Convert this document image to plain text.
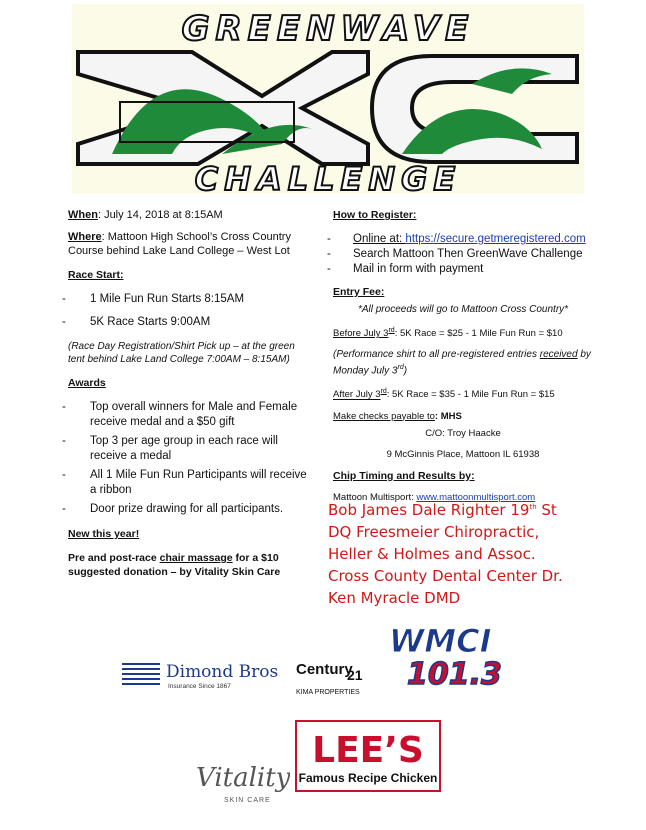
GREENWAVE
CHALLENGE
When: July 14, 2018 at 8:15AM
Where: Mattoon High School’s Cross Country Course behind Lake Land College – West Lot
Race Start:

- 1 Mile Fun Run Starts 8:15AM

- 5K Race Starts 9:00AM

(Race Day Registration/Shirt Pick up – at the green tent behind Lake Land College 7:00AM – 8:15AM)
Awards

- Top overall winners for Male and Female receive medal and a $50 gift

- Top 3 per age group in each race will receive a medal

- All 1 Mile Fun Run Participants will receive a ribbon

- Door prize drawing for all participants.

New this year!
Pre and post-race chair massage for a $10 suggested donation – by Vitality Skin Care
How to Register:

- Online at: https://secure.getmeregistered.com

- Search Mattoon Then GreenWave Challenge

- Mail in form with payment

Entry Fee:
*All proceeds will go to Mattoon Cross Country*
Before July 3rd: 5K Race = $25 - 1 Mile Fun Run = $10
(Performance shirt to all pre-registered entries received by Monday July 3rd)
After July 3rd: 5K Race = $35 - 1 Mile Fun Run = $15
Make checks payable to: MHS
C/O: Troy Haacke
9 McGinnis Place, Mattoon IL 61938
Chip Timing and Results by:
Mattoon Multisport: www.mattoonmultisport.com
Bob James Dale Righter 19th St
DQ Freesmeier Chiropractic,
Heller & Holmes and Assoc.
Cross County Dental Center Dr.
Ken Myracle DMD
Dimond Bros.
Insurance Since 1867
Century
21
KIMA PROPERTIES
WMCI
101.3
LEE’S
Famous Recipe Chicken
Vitality
SKIN CARE
